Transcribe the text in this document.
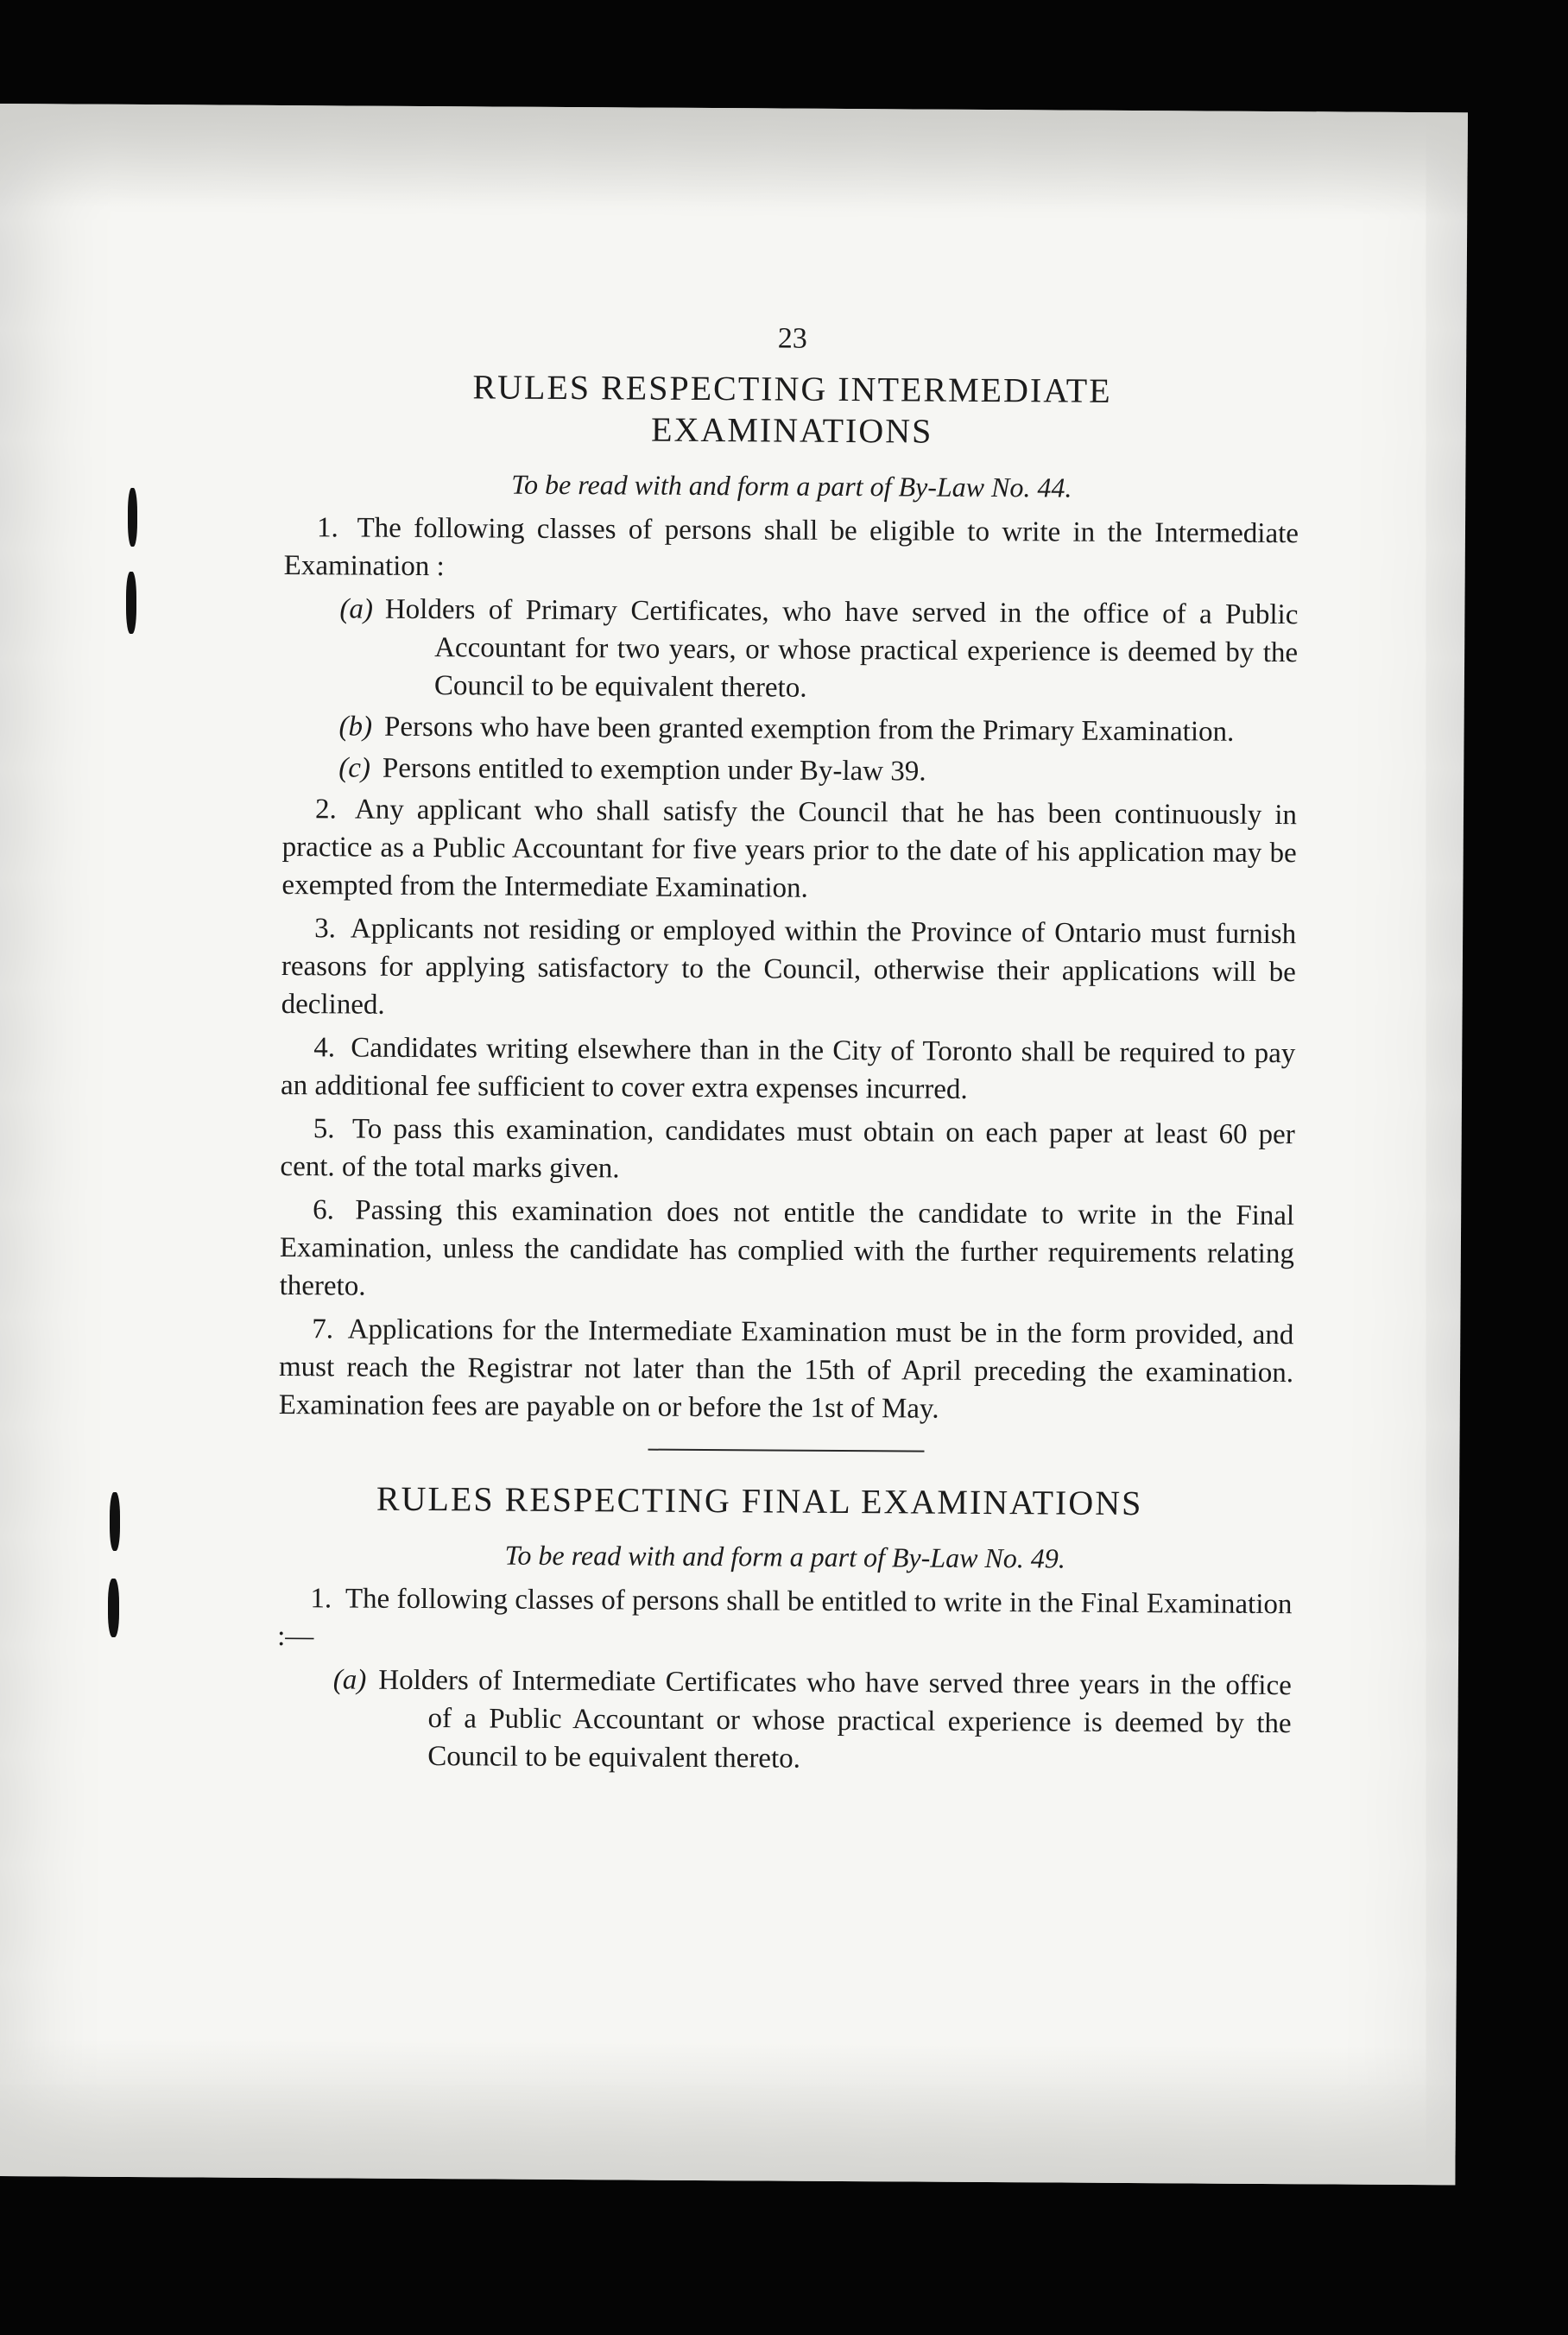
23
RULES RESPECTING INTERMEDIATE
EXAMINATIONS
To be read with and form a part of By-Law No. 44.

1. The following classes of persons shall be eligible to write in the Intermediate Examination :

(a) Holders of Primary Certificates, who have served in the office of a Public Accountant for two years, or whose practical experience is deemed by the Council to be equivalent thereto.

(b) Persons who have been granted exemption from the Primary Examination.

(c) Persons entitled to exemption under By-law 39.

2. Any applicant who shall satisfy the Council that he has been continuously in practice as a Public Accountant for five years prior to the date of his application may be exempted from the Intermediate Examination.

3. Applicants not residing or employed within the Province of Ontario must furnish reasons for applying satisfactory to the Council, otherwise their applications will be declined.

4. Candidates writing elsewhere than in the City of Toronto shall be required to pay an additional fee sufficient to cover extra expenses incurred.

5. To pass this examination, candidates must obtain on each paper at least 60 per cent. of the total marks given.

6. Passing this examination does not entitle the candidate to write in the Final Examination, unless the candidate has complied with the further requirements relating thereto.

7. Applications for the Intermediate Examination must be in the form provided, and must reach the Registrar not later than the 15th of April preceding the examination. Examination fees are payable on or before the 1st of May.

RULES RESPECTING FINAL EXAMINATIONS
To be read with and form a part of By-Law No. 49.

1. The following classes of persons shall be entitled to write in the Final Examination :—

(a) Holders of Intermediate Certificates who have served three years in the office of a Public Accountant or whose practical experience is deemed by the Council to be equivalent thereto.
